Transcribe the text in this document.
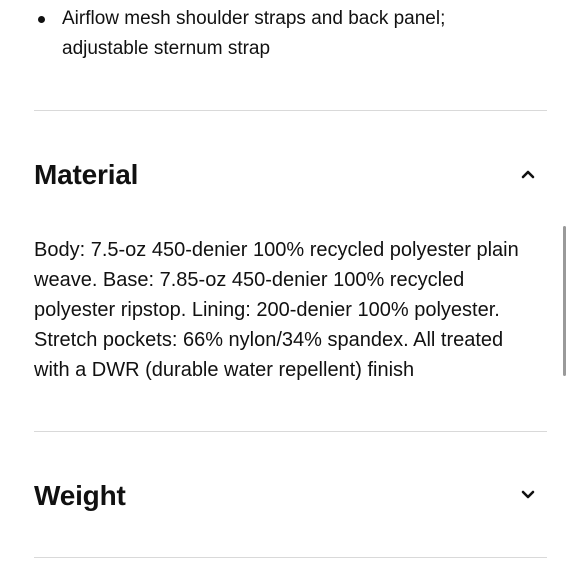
Airflow mesh shoulder straps and back panel; adjustable sternum strap
Material
Body: 7.5-oz 450-denier 100% recycled polyester plain weave. Base: 7.85-oz 450-denier 100% recycled polyester ripstop. Lining: 200-denier 100% polyester. Stretch pockets: 66% nylon/34% spandex. All treated with a DWR (durable water repellent) finish
Weight
